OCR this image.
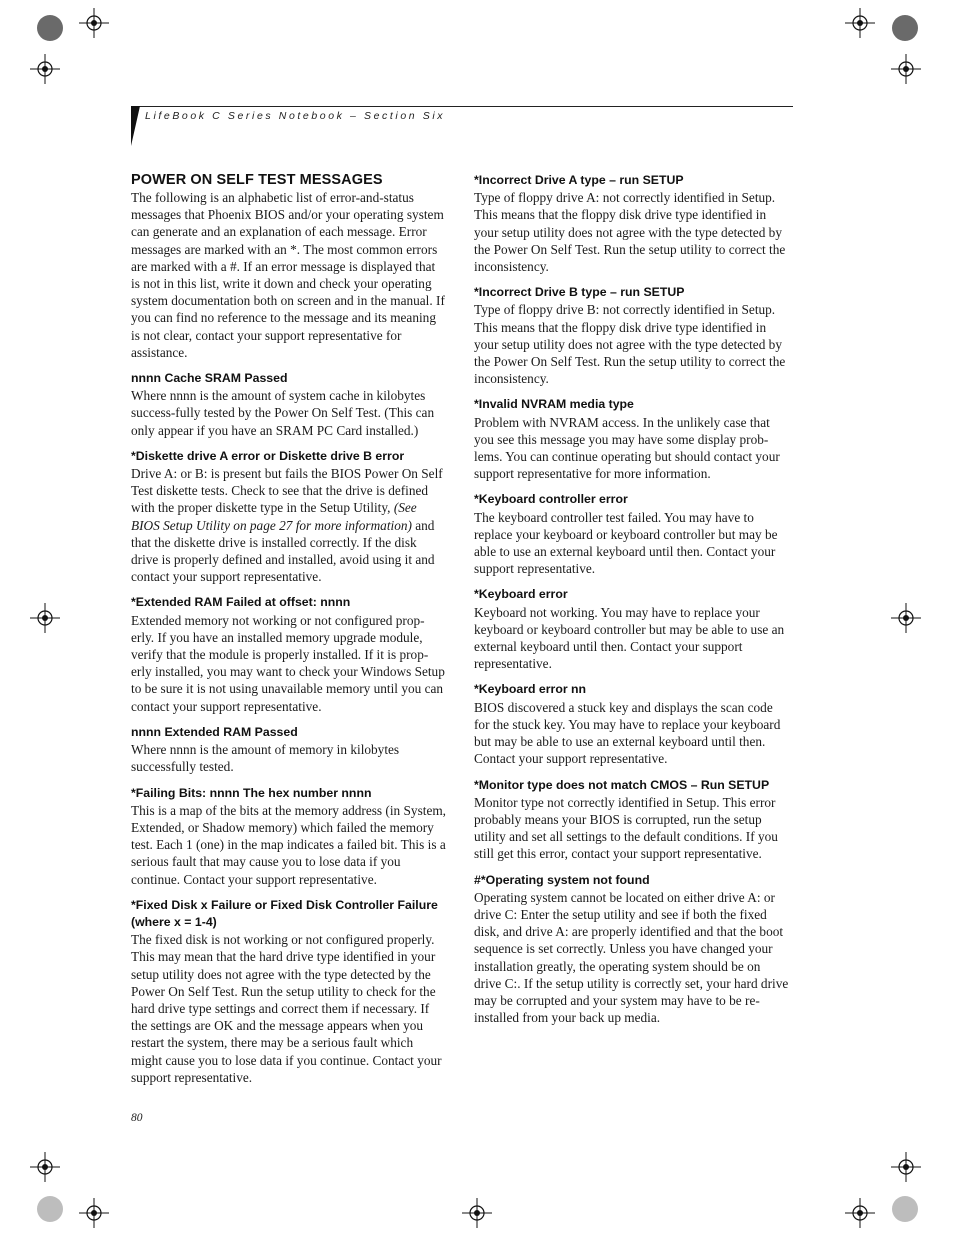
LifeBook C Series Notebook – Section Six
POWER ON SELF TEST MESSAGES

The following is an alphabetic list of error-and-status messages that Phoenix BIOS and/or your operating system can generate and an explanation of each message. Error messages are marked with an *. The most common errors are marked with a #. If an error message is displayed that is not in this list, write it down and check your operating system documentation both on screen and in the manual. If you can find no reference to the message and its meaning is not clear, contact your support representative for assistance.

nnnn Cache SRAM Passed

Where nnnn is the amount of system cache in kilobytes success-fully tested by the Power On Self Test. (This can only appear if you have an SRAM PC Card installed.)

*Diskette drive A error or Diskette drive B error

Drive A: or B: is present but fails the BIOS Power On Self Test diskette tests. Check to see that the drive is defined with the proper diskette type in the Setup Utility, (See BIOS Setup Utility on page 27 for more information) and that the diskette drive is installed correctly. If the disk drive is properly defined and installed, avoid using it and contact your support representative.

*Extended RAM Failed at offset: nnnn

Extended memory not working or not configured prop-erly. If you have an installed memory upgrade module, verify that the module is properly installed. If it is prop-erly installed, you may want to check your Windows Setup to be sure it is not using unavailable memory until you can contact your support representative.

nnnn Extended RAM Passed

Where nnnn is the amount of memory in kilobytes successfully tested.

*Failing Bits: nnnn The hex number nnnn

This is a map of the bits at the memory address (in System, Extended, or Shadow memory) which failed the memory test. Each 1 (one) in the map indicates a failed bit. This is a serious fault that may cause you to lose data if you continue. Contact your support representative.

*Fixed Disk x Failure or Fixed Disk Controller Failure (where x = 1-4)

The fixed disk is not working or not configured properly. This may mean that the hard drive type identified in your setup utility does not agree with the type detected by the Power On Self Test. Run the setup utility to check for the hard drive type settings and correct them if necessary. If the settings are OK and the message appears when you restart the system, there may be a serious fault which might cause you to lose data if you continue. Contact your support representative.

*Incorrect Drive A type – run SETUP

Type of floppy drive A: not correctly identified in Setup. This means that the floppy disk drive type identified in your setup utility does not agree with the type detected by the Power On Self Test. Run the setup utility to correct the inconsistency.

*Incorrect Drive B type – run SETUP

Type of floppy drive B: not correctly identified in Setup. This means that the floppy disk drive type identified in your setup utility does not agree with the type detected by the Power On Self Test. Run the setup utility to correct the inconsistency.

*Invalid NVRAM media type

Problem with NVRAM access. In the unlikely case that you see this message you may have some display prob-lems. You can continue operating but should contact your support representative for more information.

*Keyboard controller error

The keyboard controller test failed. You may have to replace your keyboard or keyboard controller but may be able to use an external keyboard until then. Contact your support representative.

*Keyboard error

Keyboard not working. You may have to replace your keyboard or keyboard controller but may be able to use an external keyboard until then. Contact your support representative.

*Keyboard error nn

BIOS discovered a stuck key and displays the scan code for the stuck key. You may have to replace your keyboard but may be able to use an external keyboard until then. Contact your support representative.

*Monitor type does not match CMOS – Run SETUP

Monitor type not correctly identified in Setup. This error probably means your BIOS is corrupted, run the setup utility and set all settings to the default conditions. If you still get this error, contact your support representative.

#*Operating system not found

Operating system cannot be located on either drive A: or drive C: Enter the setup utility and see if both the fixed disk, and drive A: are properly identified and that the boot sequence is set correctly. Unless you have changed your installation greatly, the operating system should be on drive C:. If the setup utility is correctly set, your hard drive may be corrupted and your system may have to be re-installed from your back up media.

80
